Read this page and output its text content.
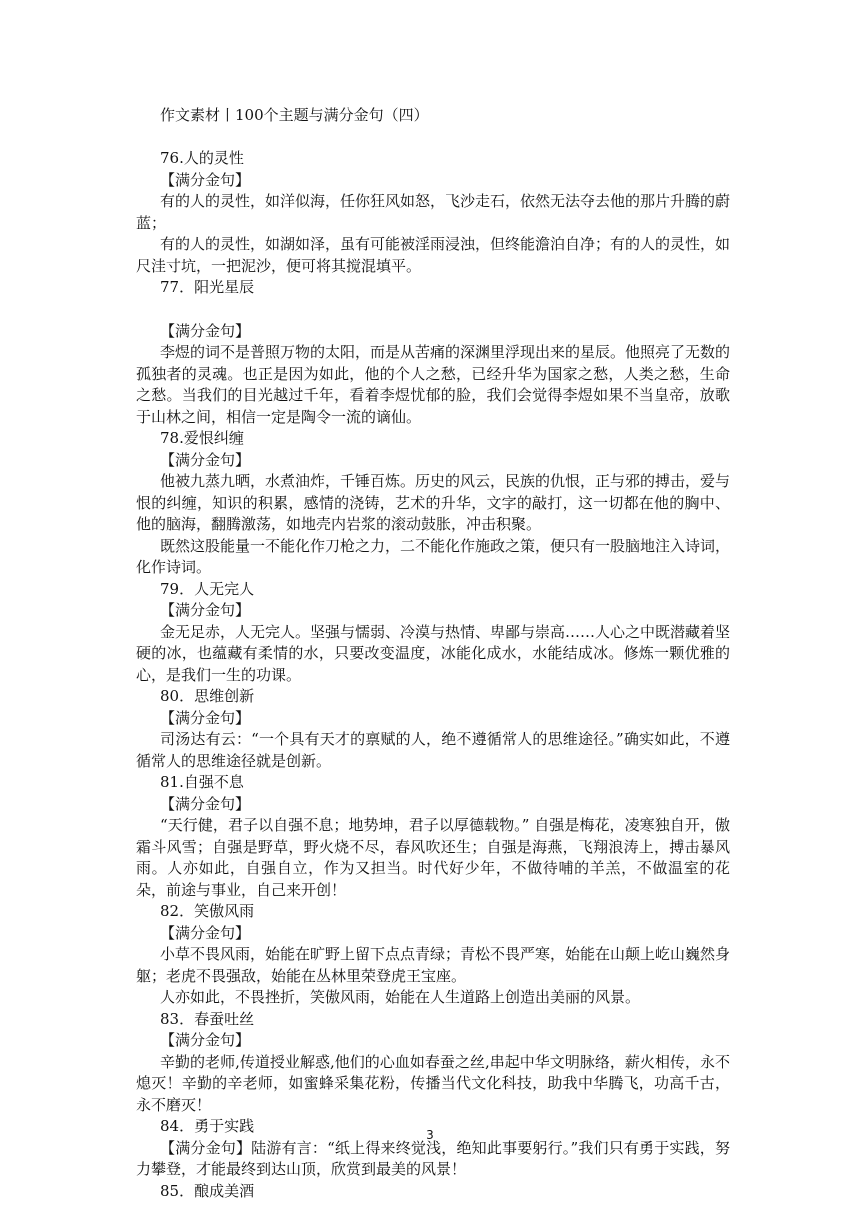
作文素材丨100个主题与满分金句（四）

76.人的灵性

【满分金句】

有的人的灵性，如洋似海，任你狂风如怒，飞沙走石，依然无法夺去他的那片升腾的蔚蓝；

有的人的灵性，如湖如泽，虽有可能被淫雨浸浊，但终能澹泊自净；有的人的灵性，如尺洼寸坑，一把泥沙，便可将其搅混填平。

77．阳光星辰

【满分金句】

李煜的词不是普照万物的太阳，而是从苦痛的深渊里浮现出来的星辰。他照亮了无数的孤独者的灵魂。也正是因为如此，他的个人之愁，已经升华为国家之愁，人类之愁，生命之愁。当我们的目光越过千年，看着李煜忧郁的脸，我们会觉得李煜如果不当皇帝，放歌于山林之间，相信一定是陶令一流的谪仙。

78.爱恨纠缠

【满分金句】

他被九蒸九晒，水煮油炸，千锤百炼。历史的风云，民族的仇恨，正与邪的搏击，爱与恨的纠缠，知识的积累，感情的浇铸，艺术的升华，文字的敲打，这一切都在他的胸中、他的脑海，翻腾激荡，如地壳内岩浆的滚动鼓胀，冲击积聚。

既然这股能量一不能化作刀枪之力，二不能化作施政之策，便只有一股脑地注入诗词，化作诗词。

79．人无完人

【满分金句】

金无足赤，人无完人。坚强与懦弱、冷漠与热情、卑鄙与崇高……人心之中既潜藏着坚硬的冰，也蕴藏有柔情的水，只要改变温度，冰能化成水，水能结成冰。修炼一颗优雅的心，是我们一生的功课。

80．思维创新

【满分金句】

司汤达有云：“一个具有天才的禀赋的人，绝不遵循常人的思维途径。”确实如此，不遵循常人的思维途径就是创新。

81.自强不息

【满分金句】

“天行健，君子以自强不息；地势坤，君子以厚德载物。” 自强是梅花，凌寒独自开，傲霜斗风雪；自强是野草，野火烧不尽，春风吹还生；自强是海燕，飞翔浪涛上，搏击暴风雨。人亦如此，自强自立，作为又担当。时代好少年，不做待哺的羊羔，不做温室的花朵，前途与事业，自己来开创！

82．笑傲风雨

【满分金句】

小草不畏风雨，始能在旷野上留下点点青绿；青松不畏严寒，始能在山颠上屹山巍然身躯；老虎不畏强敌，始能在丛林里荣登虎王宝座。

人亦如此，不畏挫折，笑傲风雨，始能在人生道路上创造出美丽的风景。

83．春蚕吐丝

【满分金句】

辛勤的老师,传道授业解惑,他们的心血如春蚕之丝,串起中华文明脉络，薪火相传，永不熄灭！辛勤的辛老师，如蜜蜂采集花粉，传播当代文化科技，助我中华腾飞，功高千古，永不磨灭！

84．勇于实践

【满分金句】陆游有言：“纸上得来终觉浅，绝知此事要躬行。”我们只有勇于实践，努力攀登，才能最终到达山顶，欣赏到最美的风景！

85．酿成美酒

3
